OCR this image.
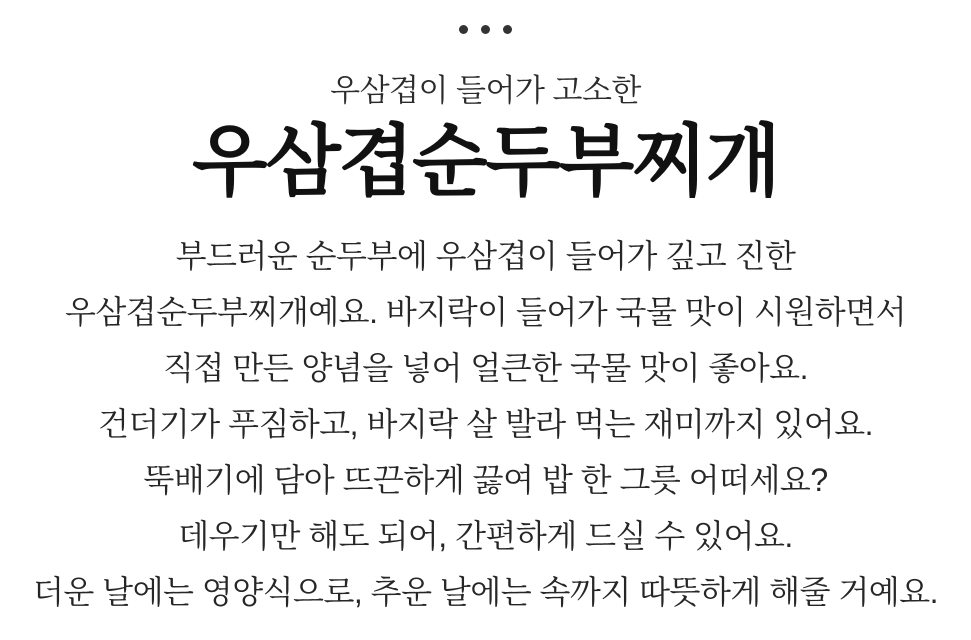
우삼겹이 들어가 고소한
우삼겹순두부찌개

부드러운 순두부에 우삼겹이 들어가 깊고 진한

우삼겹순두부찌개예요. 바지락이 들어가 국물 맛이 시원하면서

직접 만든 양념을 넣어 얼큰한 국물 맛이 좋아요.

건더기가 푸짐하고, 바지락 살 발라 먹는 재미까지 있어요.

뚝배기에 담아 뜨끈하게 끓여 밥 한 그릇 어떠세요?

데우기만 해도 되어, 간편하게 드실 수 있어요.

더운 날에는 영양식으로, 추운 날에는 속까지 따뜻하게 해줄 거예요.
